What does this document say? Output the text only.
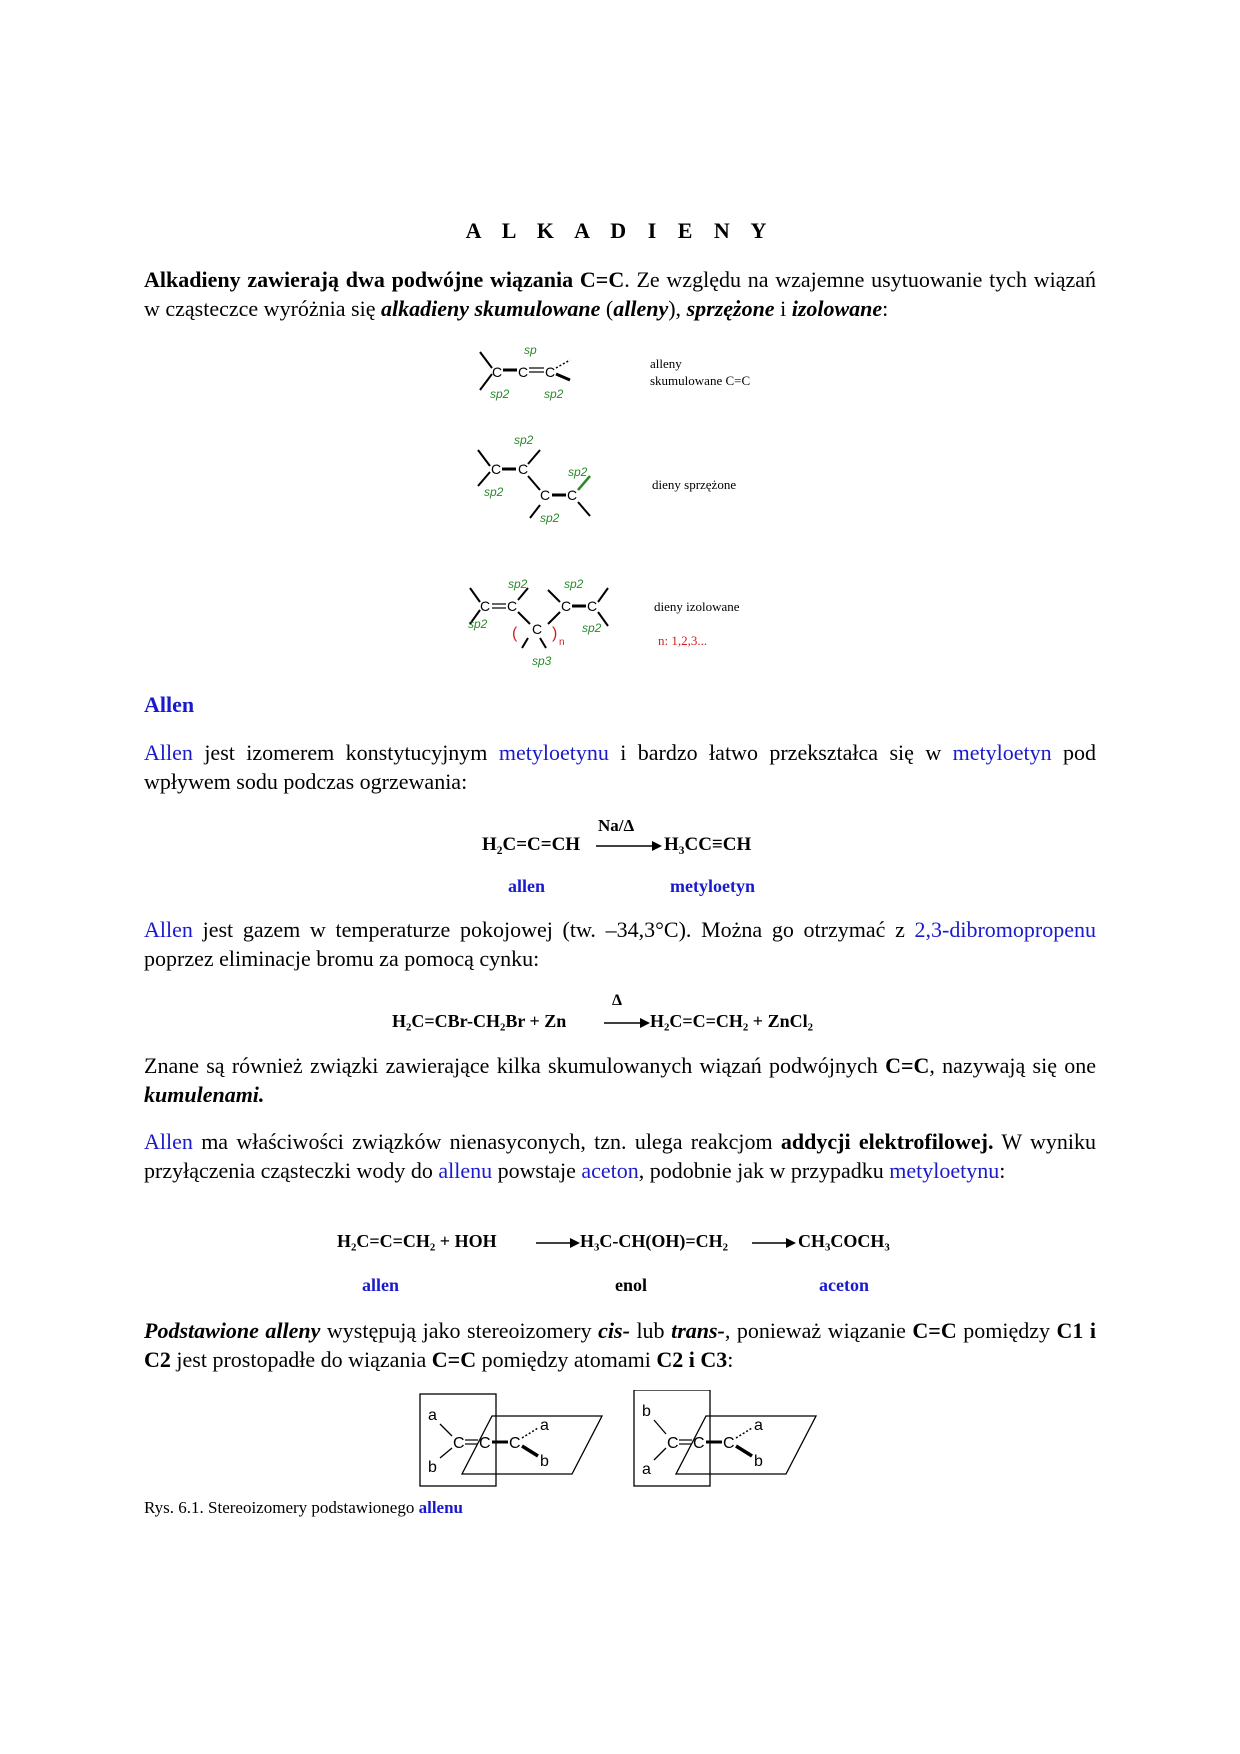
A L K A D I E N Y
Alkadieny zawierają dwa podwójne wiązania C=C. Ze względu na wzajemne usytuowanie tych wiązań w cząsteczce wyróżnia się alkadieny skumulowane (alleny), sprzężone i izolowane:
C C C
sp
sp2	sp2
C C
C C
sp2
sp2
sp2
sp2
C C
sp2
sp2
( C )
n
sp3
C C
sp2
sp2
alleny
skumulowane C=C
dieny sprzężone
dieny izolowane
n: 1,2,3...
Allen
Allen jest izomerem konstytucyjnym metyloetynu i bardzo łatwo przekształca się w metyloetyn pod wpływem sodu podczas ogrzewania:
Na/Δ
H₂C=C=CH	H₃CC≡CH
allen	metyloetyn
Allen jest gazem w temperaturze pokojowej (tw. –34,3°C). Można go otrzymać z 2,3-dibromopropenu poprzez eliminacje bromu za pomocą cynku:
Δ
H₂C=CBr-CH₂Br + Zn	H₂C=C=CH₂ + ZnCl₂
Znane są również związki zawierające kilka skumulowanych wiązań podwójnych C=C, nazywają się one kumulenami.
Allen ma właściwości związków nienasyconych, tzn. ulega reakcjom addycji elektrofilowej. W wyniku przyłączenia cząsteczki wody do allenu powstaje aceton, podobnie jak w przypadku metyloetynu:
H₂C=C=CH₂ + HOH	H₃C-CH(OH)=CH₂	CH₃COCH₃
allen	enol	aceton
Podstawione alleny występują jako stereoizomery cis- lub trans-, ponieważ wiązanie C=C pomiędzy C1 i C2 jest prostopadłe do wiązania C=C pomiędzy atomami C2 i C3:
a
b
C C C
a
b
b
a
C C C
a
b
Rys. 6.1. Stereoizomery podstawionego allenu
